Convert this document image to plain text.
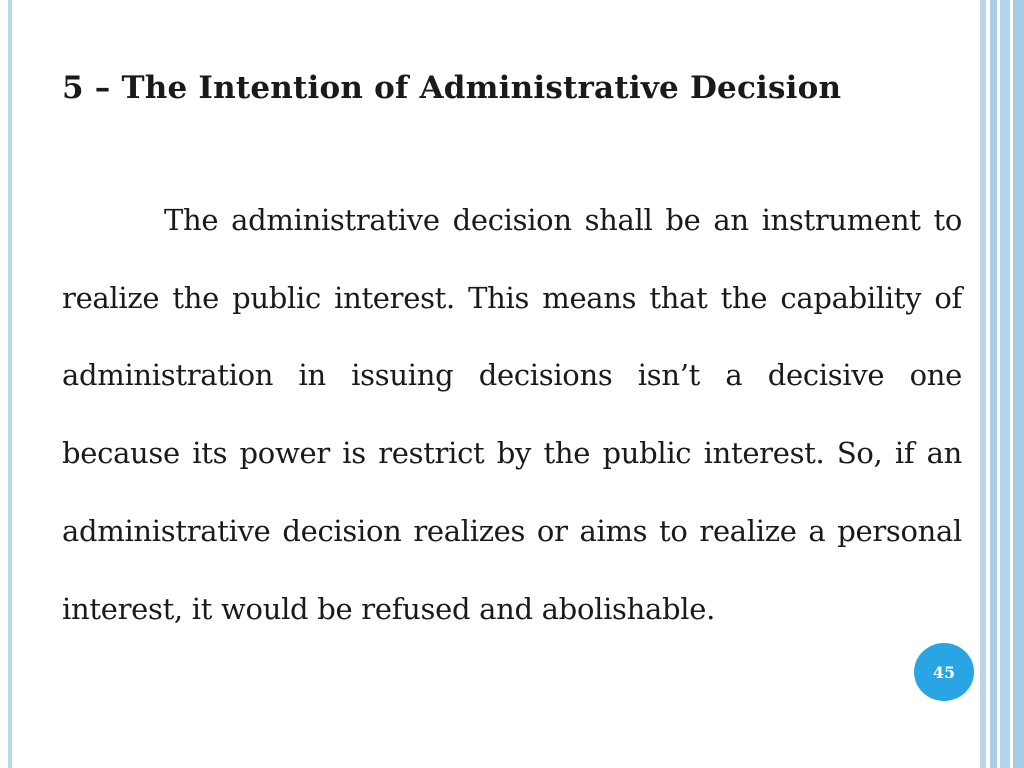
5 – The Intention of Administrative Decision

The administrative decision shall be an instrument to realize the public interest. This means that the capability of administration in issuing decisions isn’t a decisive one because its power is restrict by the public interest. So, if an administrative decision realizes or aims to realize a personal interest, it would be refused and abolishable.

45
